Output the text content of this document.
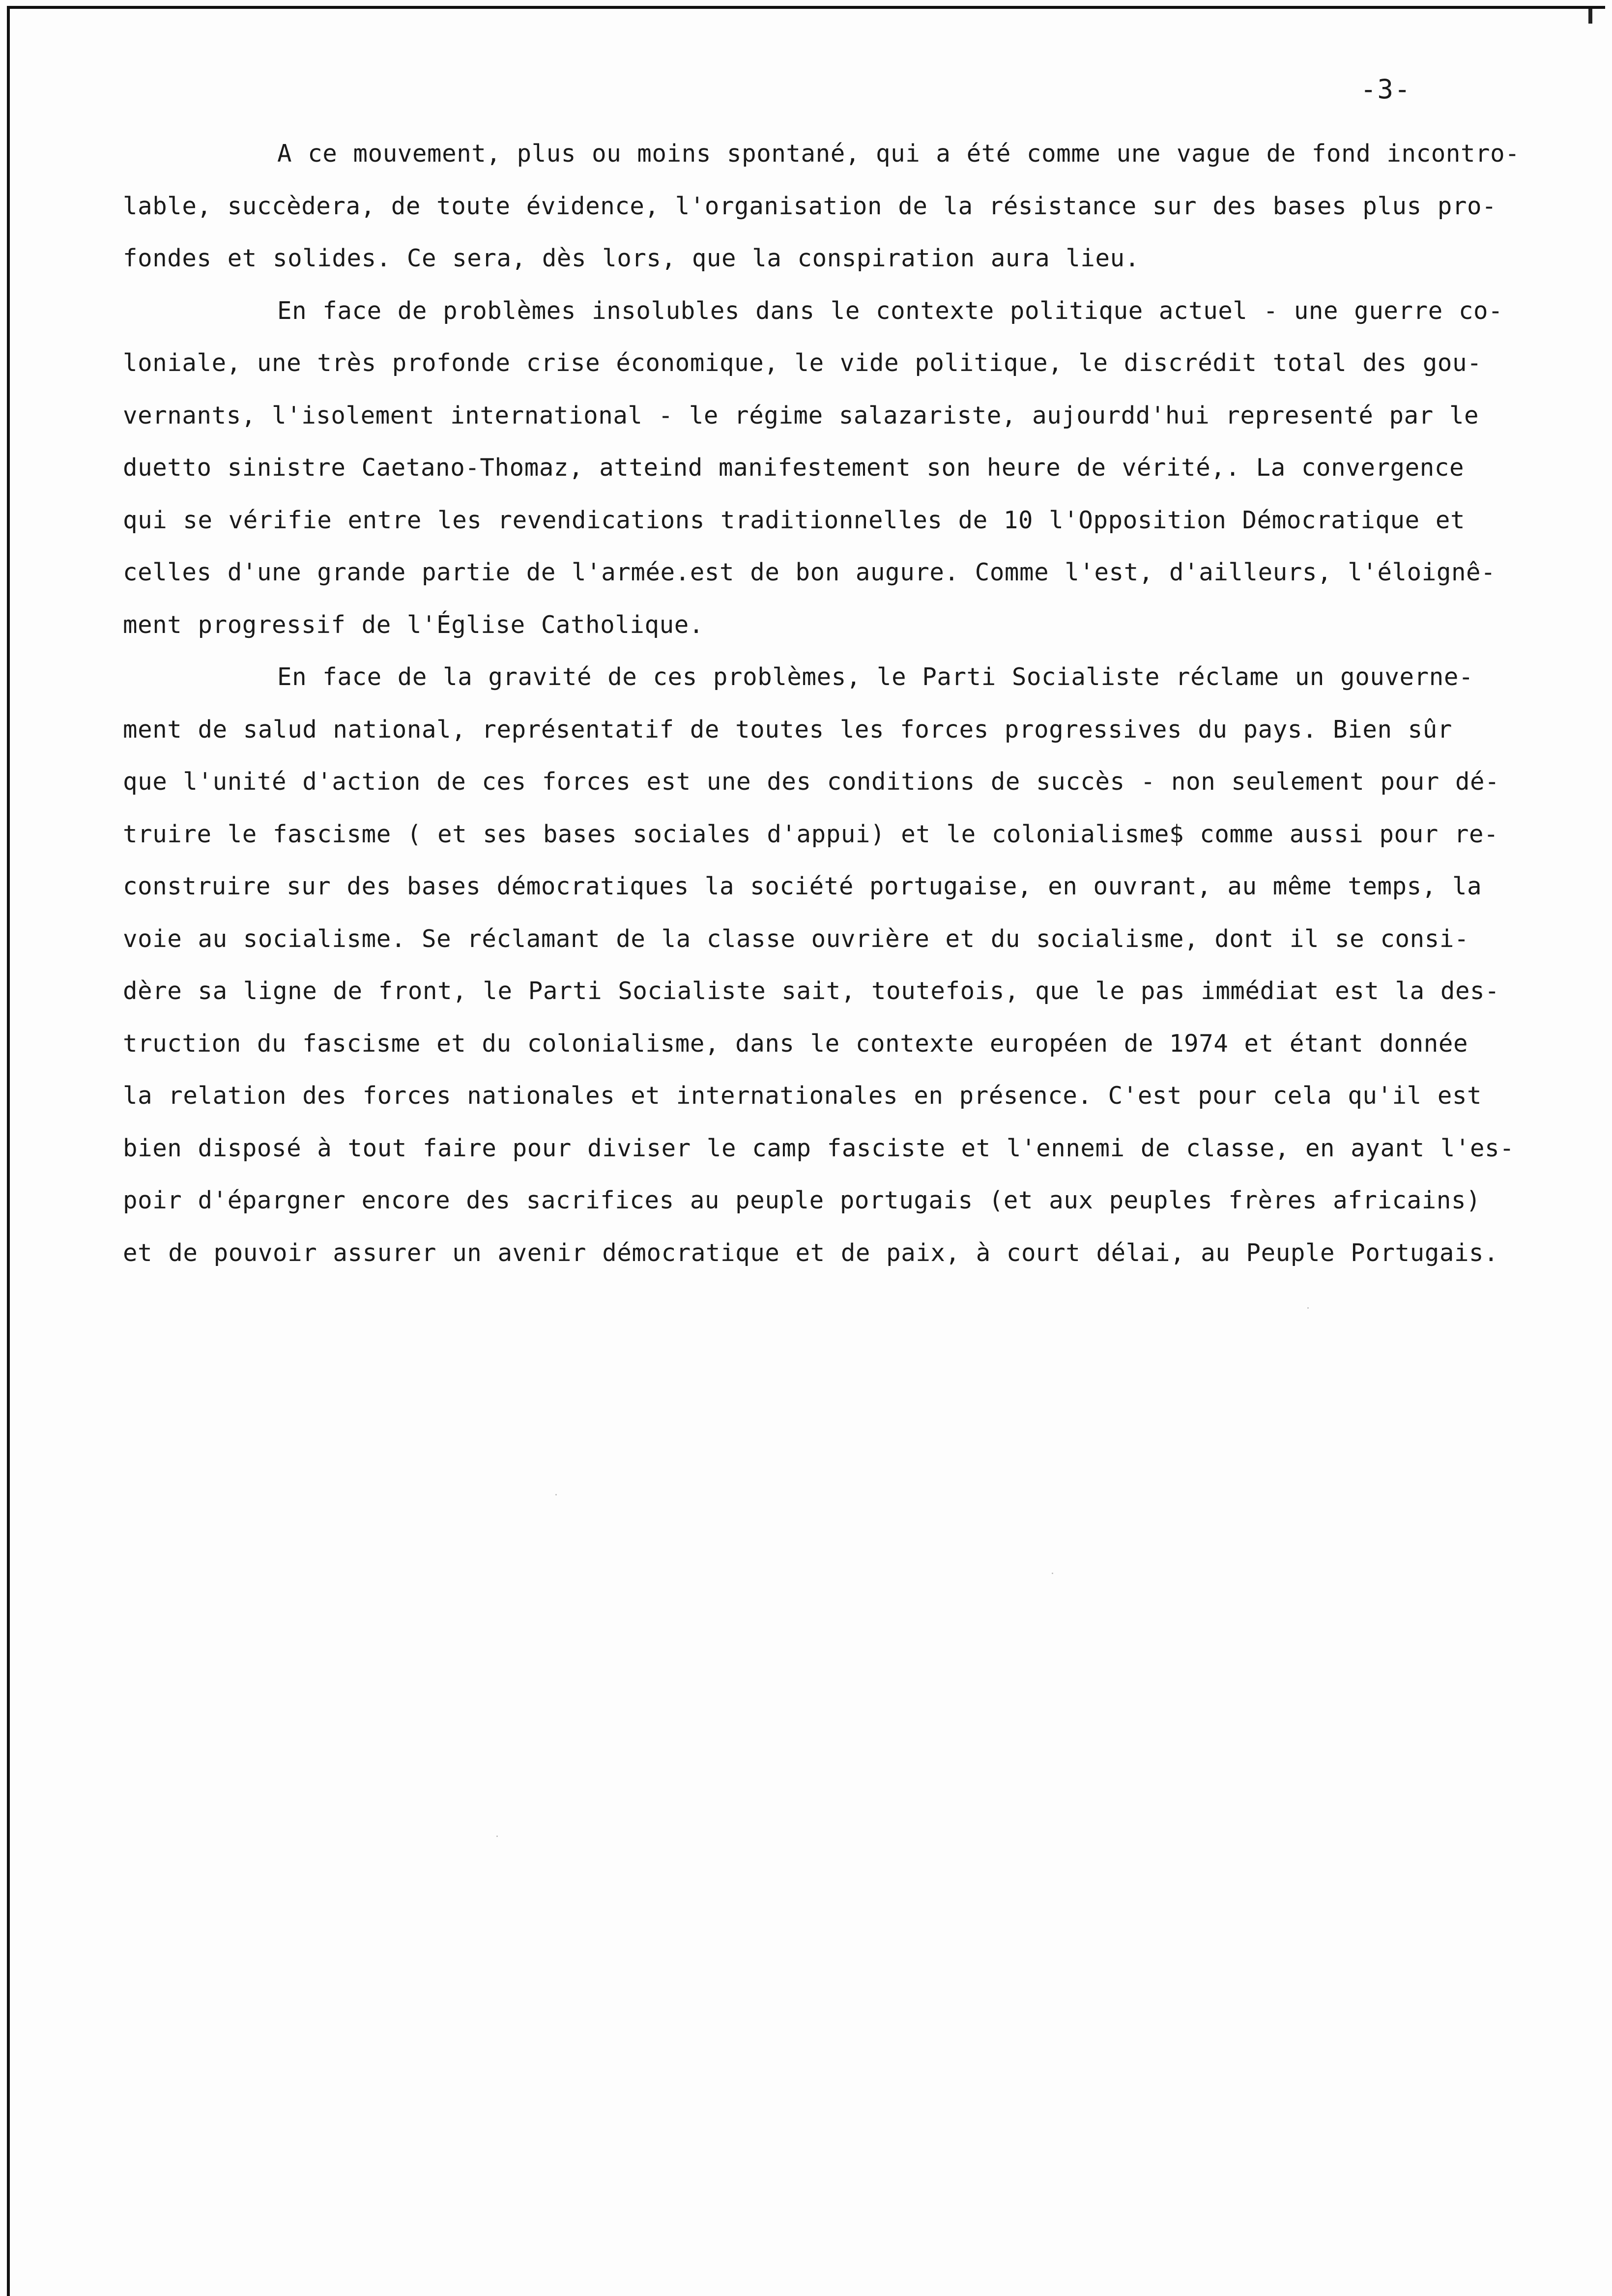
-3-
A ce mouvement, plus ou moins spontané, qui a été comme une vague de fond incontro-
lable, succèdera, de toute évidence, l'organisation de la résistance sur des bases plus pro-
fondes et solides. Ce sera, dès lors, que la conspiration aura lieu.
En face de problèmes insolubles dans le contexte politique actuel - une guerre co-
loniale, une très profonde crise économique, le vide politique, le discrédit total des gou-
vernants, l'isolement international - le régime salazariste, aujourdd'hui representé par le
duetto sinistre Caetano-Thomaz, atteind manifestement son heure de vérité,. La convergence
qui se vérifie entre les revendications traditionnelles de 10 l'Opposition Démocratique et
celles d'une grande partie de l'armée.est de bon augure. Comme l'est, d'ailleurs, l'éloignê-
ment progressif de l'Église Catholique.
En face de la gravité de ces problèmes, le Parti Socialiste réclame un gouverne-
ment de salud national, représentatif de toutes les forces progressives du pays. Bien sûr
que l'unité d'action de ces forces est une des conditions de succès - non seulement pour dé-
truire le fascisme ( et ses bases sociales d'appui) et le colonialisme$ comme aussi pour re-
construire sur des bases démocratiques la société portugaise, en ouvrant, au même temps, la
voie au socialisme. Se réclamant de la classe ouvrière et du socialisme, dont il se consi-
dère sa ligne de front, le Parti Socialiste sait, toutefois, que le pas immédiat est la des-
truction du fascisme et du colonialisme, dans le contexte européen de 1974 et étant donnée
la relation des forces nationales et internationales en présence. C'est pour cela qu'il est
bien disposé à tout faire pour diviser le camp fasciste et l'ennemi de classe, en ayant l'es-
poir d'épargner encore des sacrifices au peuple portugais (et aux peuples frères africains)
et de pouvoir assurer un avenir démocratique et de paix, à court délai, au Peuple Portugais.
